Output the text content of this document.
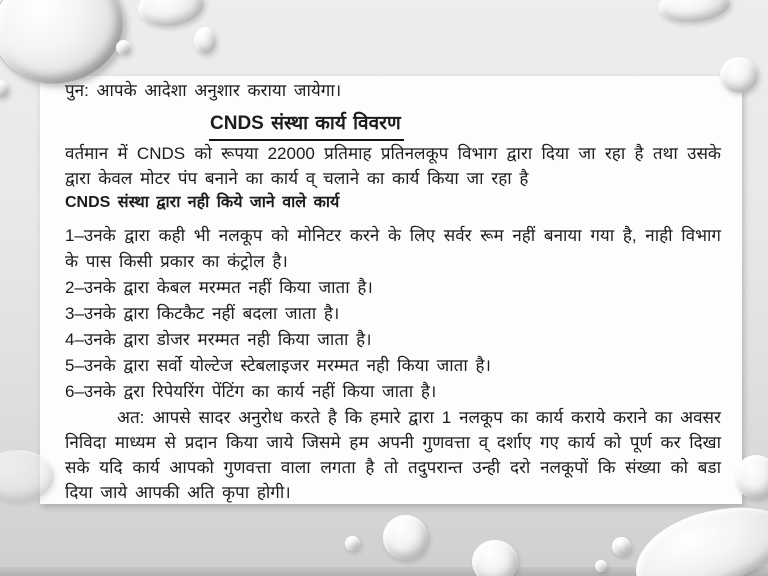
पुन: आपके आदेशा अनुशार कराया जायेगा।

CNDS संस्था कार्य विवरण

वर्तमान में CNDS को रूपया 22000 प्रतिमाह प्रतिनलकूप विभाग द्वारा दिया जा रहा है तथा उसके द्वारा केवल मोटर पंप बनाने का कार्य व् चलाने का कार्य किया जा रहा है

CNDS संस्था द्वारा नही किये जाने वाले कार्य

1–उनके द्वारा कही भी नलकूप को मोनिटर करने के लिए सर्वर रूम नहीं बनाया गया है, नाही विभाग के पास किसी प्रकार का कंट्रोल है।

2–उनके द्वारा केबल मरम्मत नहीं किया जाता है।

3–उनके द्वारा किटकैट नहीं बदला जाता है।

4–उनके द्वारा डोजर मरम्मत नही किया जाता है।

5–उनके द्वारा सर्वो योल्टेज स्टेबलाइजर मरम्मत नही किया जाता है।

6–उनके द्वरा रिपेयरिंग पेंटिंग का कार्य नहीं किया जाता है।

अत: आपसे सादर अनुरोध करते है कि हमारे द्वारा 1 नलकूप का कार्य कराये कराने का अवसर निविदा माध्यम से प्रदान किया जाये जिसमे हम अपनी गुणवत्ता व् दर्शाए गए कार्य को पूर्ण कर दिखा सके यदि कार्य आपको गुणवत्ता वाला लगता है तो तदुपरान्त उन्ही दरो नलकूपों कि संख्या को बडा दिया जाये आपकी अति कृपा होगी।
